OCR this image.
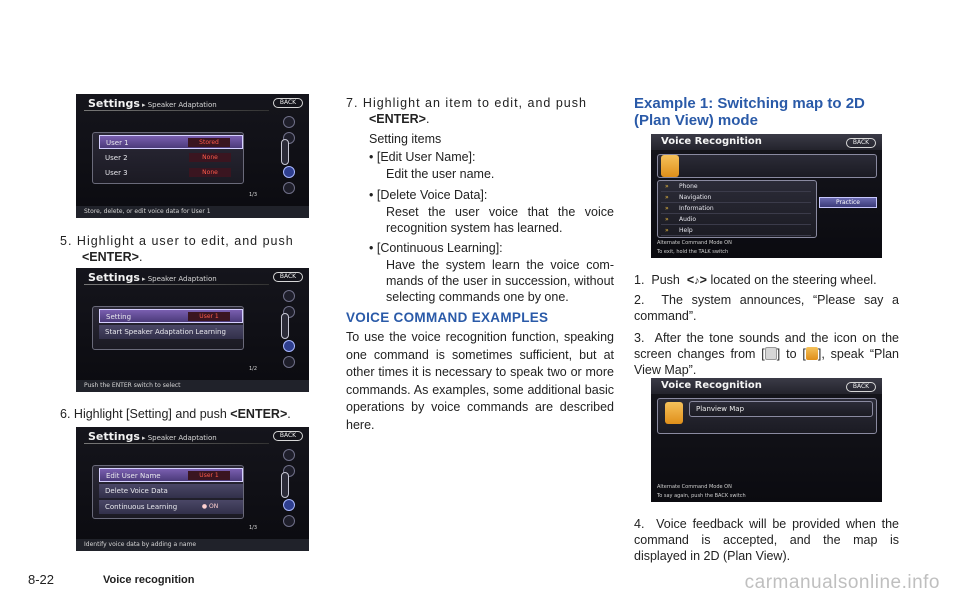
Settings ▸ Speaker Adaptation	BACK
User 1	Stored
User 2	None
User 3	None
1/3
Store, delete, or edit voice data for User 1
5. Highlight a user to edit, and push
<ENTER>.
Settings ▸ Speaker Adaptation	BACK
Setting	User 1
Start Speaker Adaptation Learning
1/2
Push the ENTER switch to select
6. Highlight [Setting] and push <ENTER>.
Settings ▸ Speaker Adaptation	BACK
Edit User Name	User 1
Delete Voice Data
Continuous Learning	● ON
1/3
Identify voice data by adding a name
7. Highlight an item to edit, and push
<ENTER>.
Setting items
• [Edit User Name]:
Edit the user name.
• [Delete Voice Data]:
Reset the user voice that the voice recognition system has learned.
• [Continuous Learning]:
Have the system learn the voice com- mands of the user in succession, without selecting commands one by one.
VOICE COMMAND EXAMPLES
To use the voice recognition function, speaking one command is sometimes sufficient, but at other times it is necessary to speak two or more commands. As examples, some additional basic operations by voice commands are described here.
Example 1: Switching map to 2D
(Plan View) mode
Voice Recognition	BACK
» Phone
» Navigation
» Information
» Audio
» Help
Practice
Alternate Command Mode ON
To exit, hold the TALK switch
1. Push <♪> located on the steering wheel.
2. The system announces, “Please say a command”.
3. After the tone sounds and the icon on the screen changes from [ ] to [ ], speak “Plan View Map”.
Voice Recognition	BACK
Planview Map
Alternate Command Mode ON
To say again, push the BACK switch
4. Voice feedback will be provided when the command is accepted, and the map is displayed in 2D (Plan View).
8-22	Voice recognition	carmanualsonline.info
